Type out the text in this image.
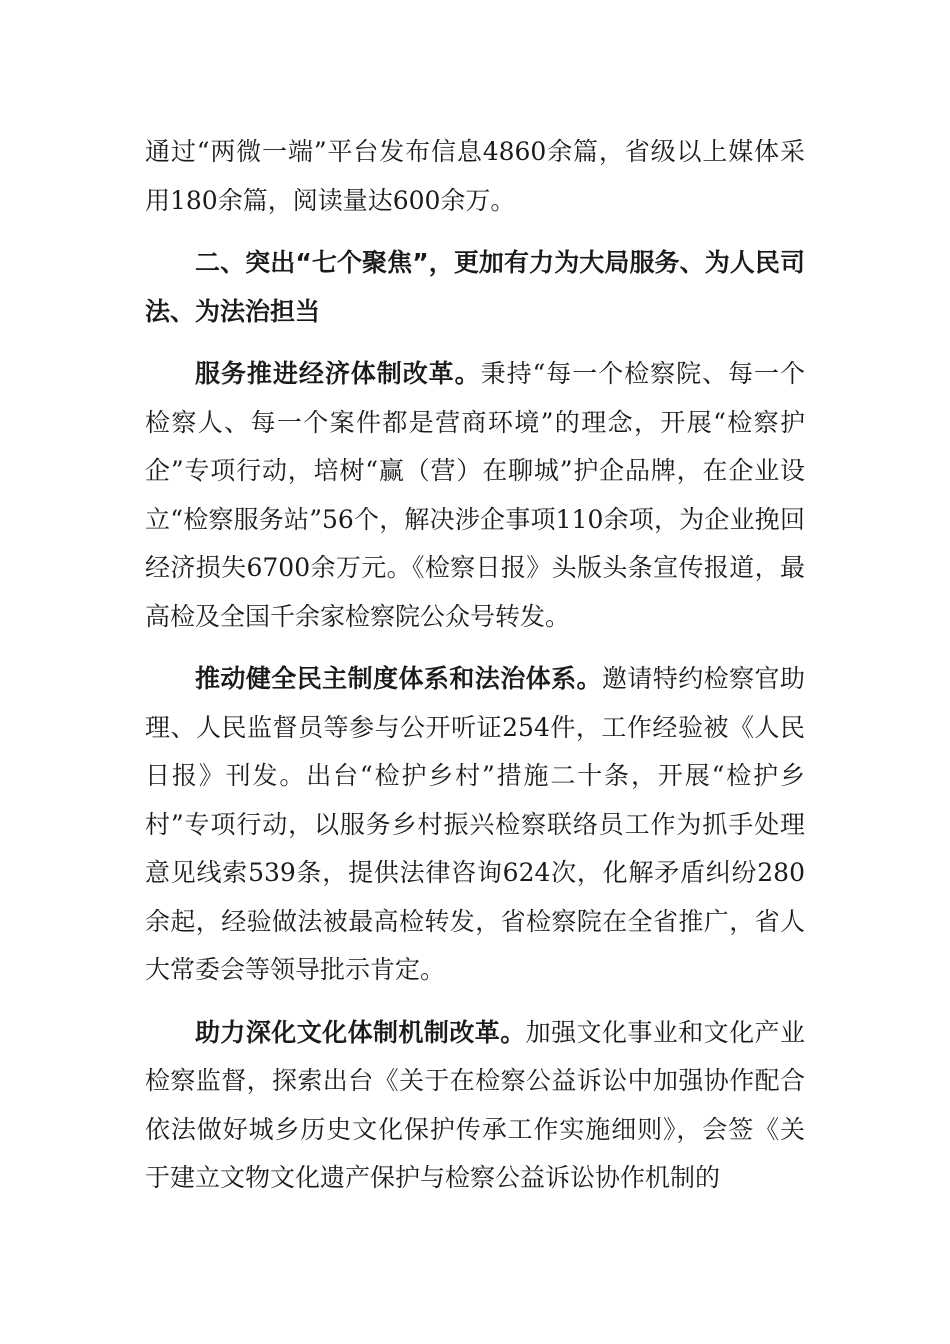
通过“两微一端”平台发布信息4860余篇，省级以上媒体采用180余篇，阅读量达600余万。

二、突出“七个聚焦”，更加有力为大局服务、为人民司法、为法治担当

服务推进经济体制改革。秉持“每一个检察院、每一个检察人、每一个案件都是营商环境”的理念，开展“检察护企”专项行动，培树“赢（营）在聊城”护企品牌，在企业设立“检察服务站”56个，解决涉企事项110余项，为企业挽回经济损失6700余万元。《检察日报》头版头条宣传报道，最高检及全国千余家检察院公众号转发。

推动健全民主制度体系和法治体系。邀请特约检察官助理、人民监督员等参与公开听证254件，工作经验被《人民日报》刊发。出台“检护乡村”措施二十条，开展“检护乡村”专项行动，以服务乡村振兴检察联络员工作为抓手处理意见线索539条，提供法律咨询624次，化解矛盾纠纷280余起，经验做法被最高检转发，省检察院在全省推广，省人大常委会等领导批示肯定。

助力深化文化体制机制改革。加强文化事业和文化产业检察监督，探索出台《关于在检察公益诉讼中加强协作配合依法做好城乡历史文化保护传承工作实施细则》，会签《关于建立文物文化遗产保护与检察公益诉讼协作机制的
